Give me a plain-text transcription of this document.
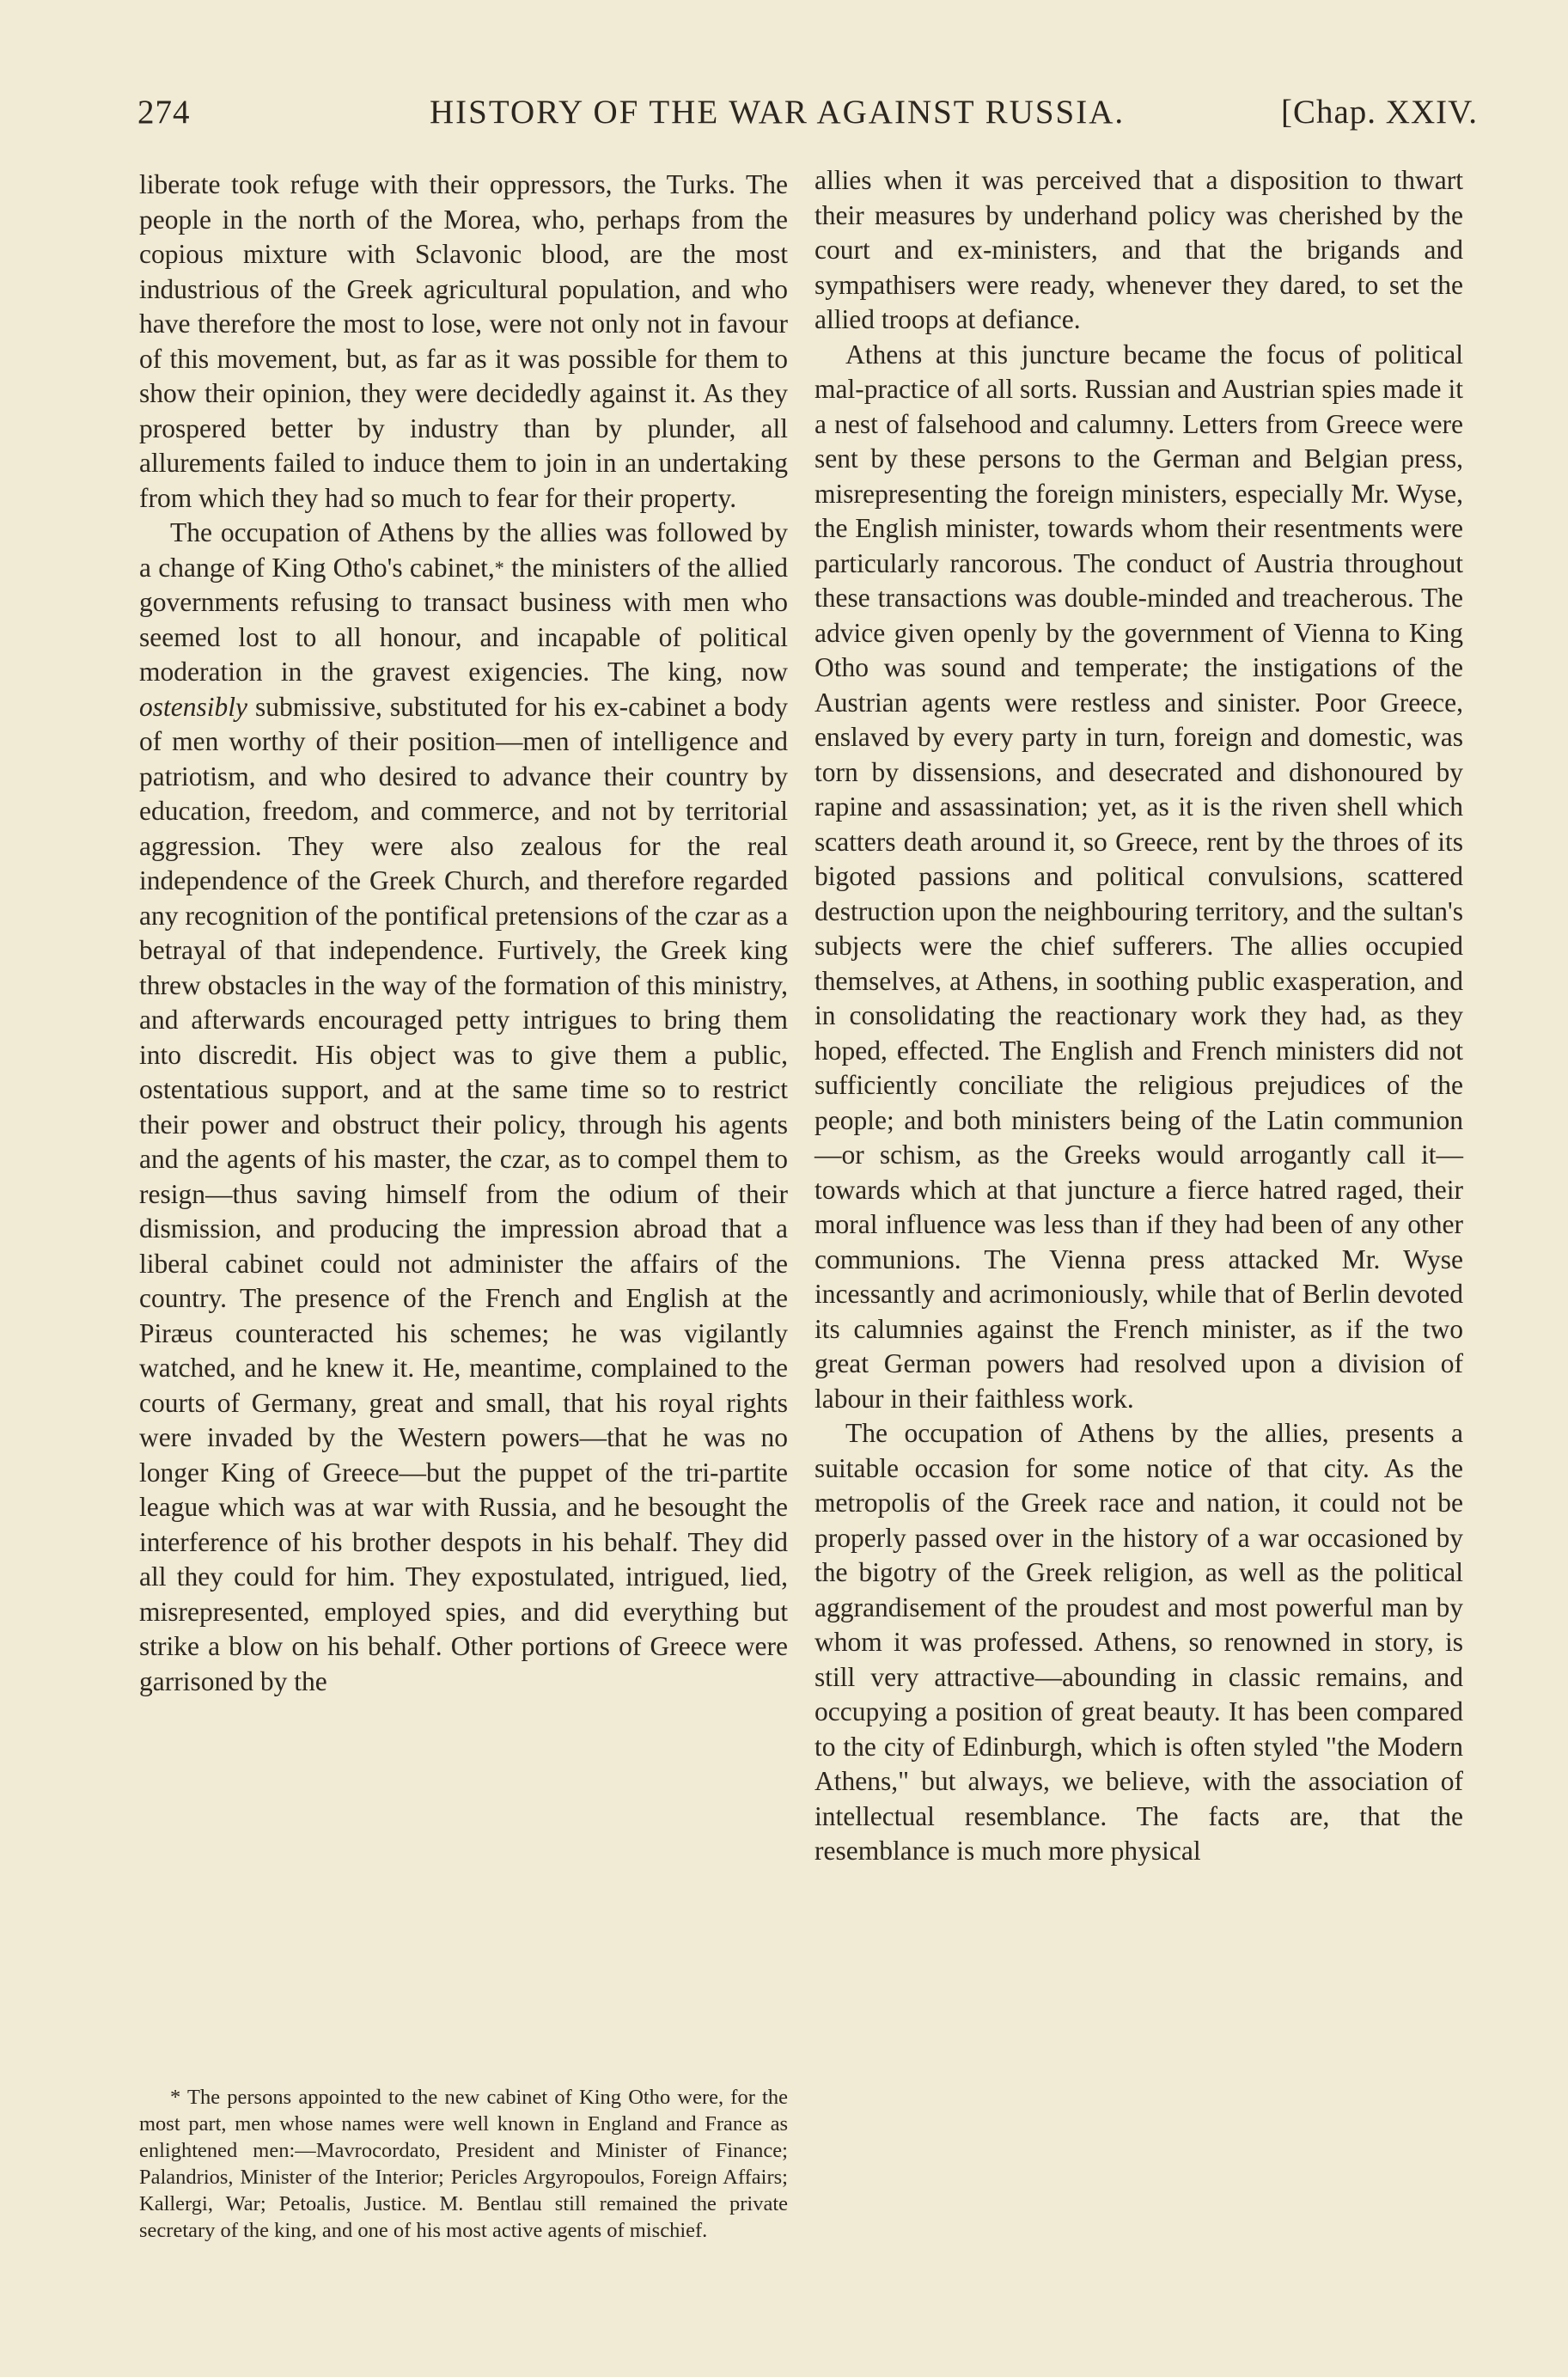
274	HISTORY OF THE WAR AGAINST RUSSIA.	[Chap. XXIV.

liberate took refuge with their oppressors, the Turks. The people in the north of the Morea, who, perhaps from the copious mixture with Sclavonic blood, are the most industrious of the Greek agricultural population, and who have therefore the most to lose, were not only not in favour of this movement, but, as far as it was possible for them to show their opinion, they were decidedly against it. As they prospered better by industry than by plunder, all allurements failed to induce them to join in an undertaking from which they had so much to fear for their property.

The occupation of Athens by the allies was followed by a change of King Otho's cabinet,* the ministers of the allied governments refusing to transact business with men who seemed lost to all honour, and incapable of political moderation in the gravest exigencies. The king, now ostensibly submissive, substituted for his ex-cabinet a body of men worthy of their position—men of intelligence and patriotism, and who desired to advance their country by education, freedom, and commerce, and not by territorial aggression. They were also zealous for the real independence of the Greek Church, and therefore regarded any recognition of the pontifical pretensions of the czar as a betrayal of that independence. Furtively, the Greek king threw obstacles in the way of the formation of this ministry, and afterwards encouraged petty intrigues to bring them into discredit. His object was to give them a public, ostentatious support, and at the same time so to restrict their power and obstruct their policy, through his agents and the agents of his master, the czar, as to compel them to resign—thus saving himself from the odium of their dismission, and producing the impression abroad that a liberal cabinet could not administer the affairs of the country. The presence of the French and English at the Piræus counteracted his schemes; he was vigilantly watched, and he knew it. He, meantime, complained to the courts of Germany, great and small, that his royal rights were invaded by the Western powers—that he was no longer King of Greece—but the puppet of the tri-partite league which was at war with Russia, and he besought the interference of his brother despots in his behalf. They did all they could for him. They expostulated, intrigued, lied, misrepresented, employed spies, and did everything but strike a blow on his behalf. Other portions of Greece were garrisoned by the

allies when it was perceived that a disposition to thwart their measures by underhand policy was cherished by the court and ex-ministers, and that the brigands and sympathisers were ready, whenever they dared, to set the allied troops at defiance.

Athens at this juncture became the focus of political mal-practice of all sorts. Russian and Austrian spies made it a nest of falsehood and calumny. Letters from Greece were sent by these persons to the German and Belgian press, misrepresenting the foreign ministers, especially Mr. Wyse, the English minister, towards whom their resentments were particularly rancorous. The conduct of Austria throughout these transactions was double-minded and treacherous. The advice given openly by the government of Vienna to King Otho was sound and temperate; the instigations of the Austrian agents were restless and sinister. Poor Greece, enslaved by every party in turn, foreign and domestic, was torn by dissensions, and desecrated and dishonoured by rapine and assassination; yet, as it is the riven shell which scatters death around it, so Greece, rent by the throes of its bigoted passions and political convulsions, scattered destruction upon the neighbouring territory, and the sultan's subjects were the chief sufferers. The allies occupied themselves, at Athens, in soothing public exasperation, and in consolidating the reactionary work they had, as they hoped, effected. The English and French ministers did not sufficiently conciliate the religious prejudices of the people; and both ministers being of the Latin communion—or schism, as the Greeks would arrogantly call it—towards which at that juncture a fierce hatred raged, their moral influence was less than if they had been of any other communions. The Vienna press attacked Mr. Wyse incessantly and acrimoniously, while that of Berlin devoted its calumnies against the French minister, as if the two great German powers had resolved upon a division of labour in their faithless work.

The occupation of Athens by the allies, presents a suitable occasion for some notice of that city. As the metropolis of the Greek race and nation, it could not be properly passed over in the history of a war occasioned by the bigotry of the Greek religion, as well as the political aggrandisement of the proudest and most powerful man by whom it was professed. Athens, so renowned in story, is still very attractive—abounding in classic remains, and occupying a position of great beauty. It has been compared to the city of Edinburgh, which is often styled "the Modern Athens," but always, we believe, with the association of intellectual resemblance. The facts are, that the resemblance is much more physical

* The persons appointed to the new cabinet of King Otho were, for the most part, men whose names were well known in England and France as enlightened men:—Mavrocordato, President and Minister of Finance; Palandrios, Minister of the Interior; Pericles Argyropoulos, Foreign Affairs; Kallergi, War; Petoalis, Justice. M. Bentlau still remained the private secretary of the king, and one of his most active agents of mischief.
